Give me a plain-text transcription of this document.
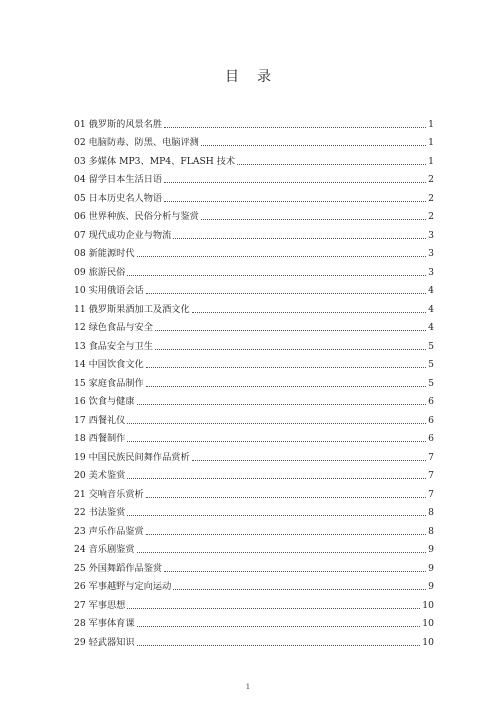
目录
01 俄罗斯的风景名胜	1
02 电脑防毒、防黑、电脑评测	1
03 多媒体 MP3、MP4、FLASH 技术	1
04 留学日本生活日语	2
05 日本历史名人物语	2
06 世界种族、民俗分析与鉴赏	2
07 现代成功企业与物流	3
08 新能源时代	3
09 旅游民俗	3
10 实用俄语会话	4
11 俄罗斯果酒加工及酒文化	4
12 绿色食品与安全	4
13 食品安全与卫生	5
14 中国饮食文化	5
15 家庭食品制作	5
16 饮食与健康	6
17 西餐礼仪	6
18 西餐制作	6
19 中国民族民间舞作品赏析	7
20 美术鉴赏	7
21 交响音乐赏析	7
22 书法鉴赏	8
23 声乐作品鉴赏	8
24 音乐剧鉴赏	9
25 外国舞蹈作品鉴赏	9
26 军事越野与定向运动	9
27 军事思想	10
28 军事体育课	10
29 轻武器知识	10
1
